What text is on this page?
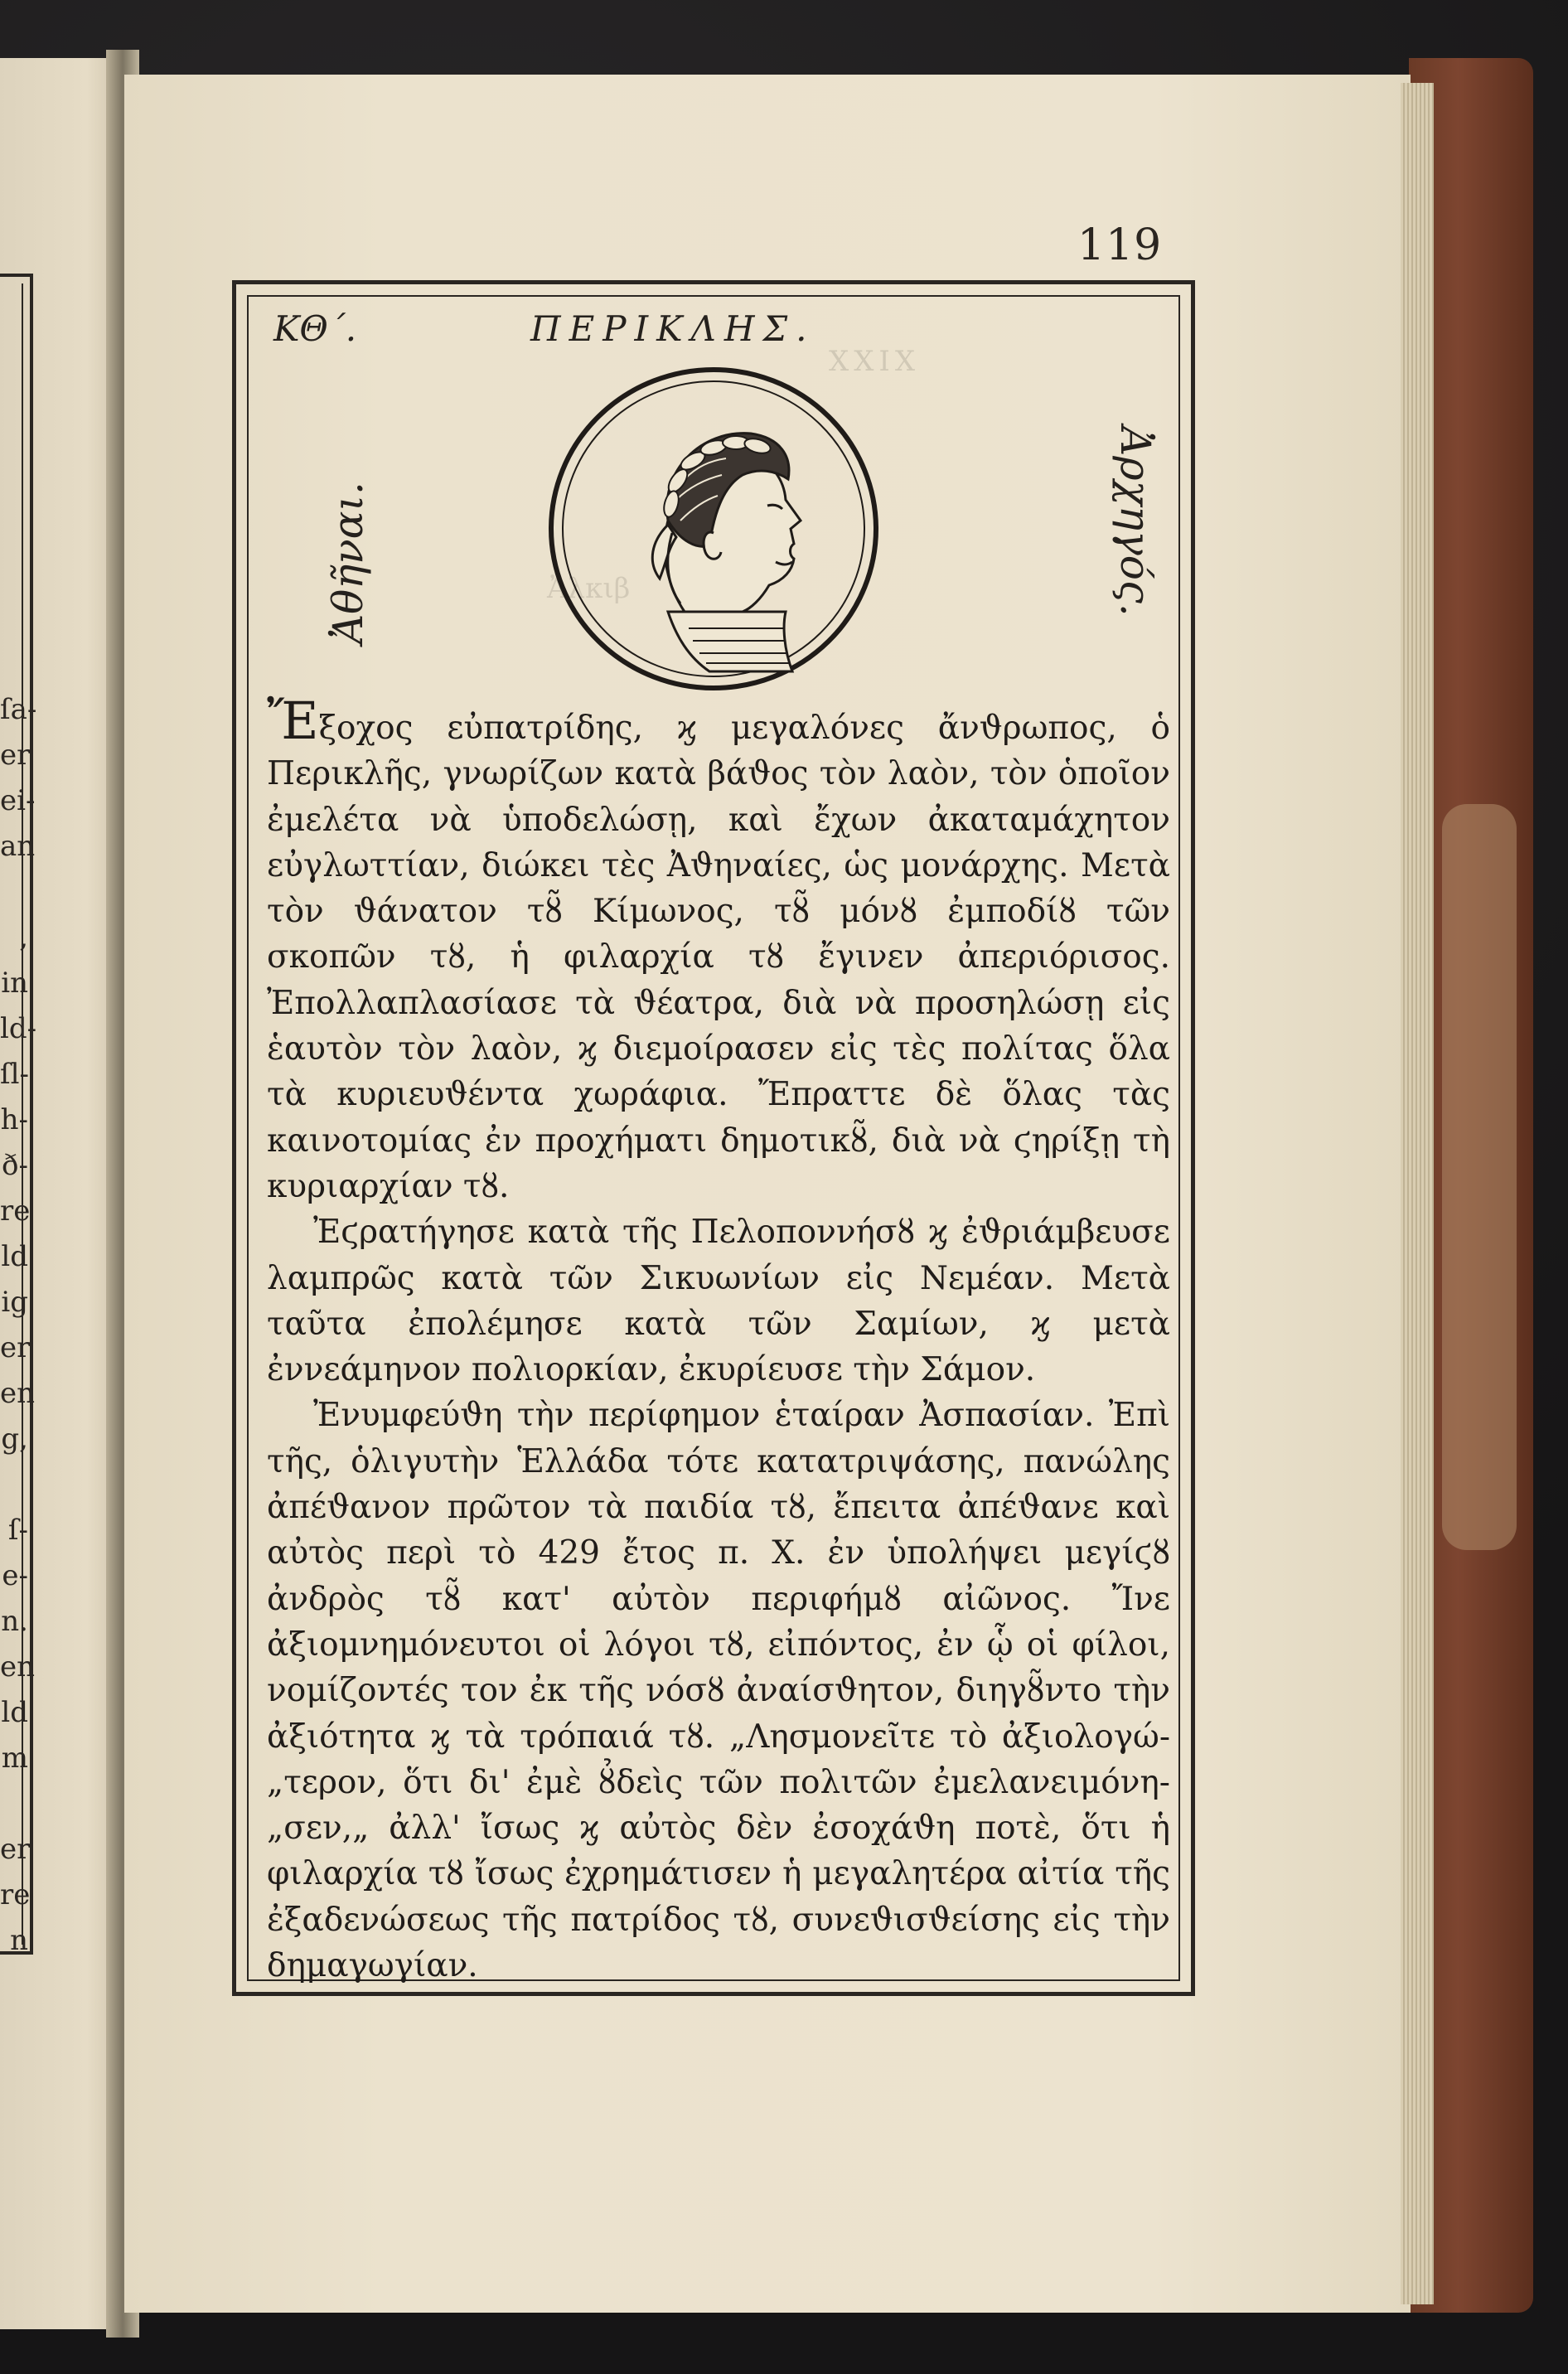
ſa-
er
ei-
an
,
in
ld-
ſl-
h-
ð-
re
ld
ig
er
en
g,
ſ-
e-
n.
en
ld
m
er
re
n
119
ΚΘ΄.	ΠΕΡΙΚΛΗΣ.
Ἀθῆναι.	Ἀρχηγός.
ΧΧΙΧ
Ἀλκιβ

Ἔξοχος εὐπατρίδης, ϗ μεγαλόνες ἄνϑρωπος, ὁ Περικλῆς, γνωρίζων κατὰ βάϑος τὸν λαὸν, τὸν ὁποῖον ἐμελέτα νὰ ὑποδελώσῃ, καὶ ἔχων ἀκαταμάχητον εὐγλωττίαν, διώκει τὲς Ἀϑηναίες, ὡς μονάρχης. Μετὰ τὸν ϑάνατον τȣ̃ Κίμωνος, τȣ̃ μόνȣ ἐμποδίȣ τῶν σκοπῶν τȣ, ἡ φιλαρχία τȣ ἔγινεν ἀπεριόρισος. Ἐπολλαπλασίασε τὰ ϑέατρα, διὰ νὰ προσηλώσῃ εἰς ἑαυτὸν τὸν λαὸν, ϗ διεμοίρασεν εἰς τὲς πολίτας ὅλα τὰ κυριευϑέντα χωράφια. Ἔπραττε δὲ ὅλας τὰς καινοτομίας ἐν προχήματι δημοτικȣ̃, διὰ νὰ ϛηρίξῃ τὴ κυριαρχίαν τȣ.

Ἐϛρατήγησε κατὰ τῆς Πελοποννήσȣ ϗ ἐϑριάμβευσε λαμπρῶς κατὰ τῶν Σικυωνίων εἰς Νεμέαν. Μετὰ ταῦτα ἐπολέμησε κατὰ τῶν Σαμίων, ϗ μετὰ ἐννεάμηνον πολιορκίαν, ἐκυρίευσε τὴν Σάμον.

Ἐνυμφεύϑη τὴν περίφημον ἑταίραν Ἀσπασίαν. Ἐπὶ τῆς, ὁλιγυτὴν Ἑλλάδα τότε κατατριψάσης, πανώλης ἀπέϑανον πρῶτον τὰ παιδία τȣ, ἔπειτα ἀπέϑανε καὶ αὐτὸς περὶ τὸ 429 ἔτος π. Χ. ἐν ὑπολήψει μεγίϛȣ ἀνδρὸς τȣ̃ κατ' αὐτὸν περιφήμȣ αἰῶνος. Ἴνε ἀξιομνημόνευτοι οἱ λόγοι τȣ, εἰπόντος, ἐν ᾧ οἱ φίλοι, νομίζοντές τον ἐκ τῆς νόσȣ ἀναίσϑητον, διηγȣ̃ντο τὴν ἀξιότητα ϗ τὰ τρόπαιά τȣ. „Λησμονεῖτε τὸ ἀξιολογώ-„τερον, ὅτι δι' ἐμὲ ȣ̉δεὶς τῶν πολιτῶν ἐμελανειμόνη-„σεν,„ ἀλλ' ἴσως ϗ αὐτὸς δὲν ἐσοχάϑη ποτὲ, ὅτι ἡ φιλαρχία τȣ ἴσως ἐχρημάτισεν ἡ μεγαλητέρα αἰτία τῆς ἐξαδενώσεως τῆς πατρίδος τȣ, συνεϑισϑείσης εἰς τὴν δημαγωγίαν.
